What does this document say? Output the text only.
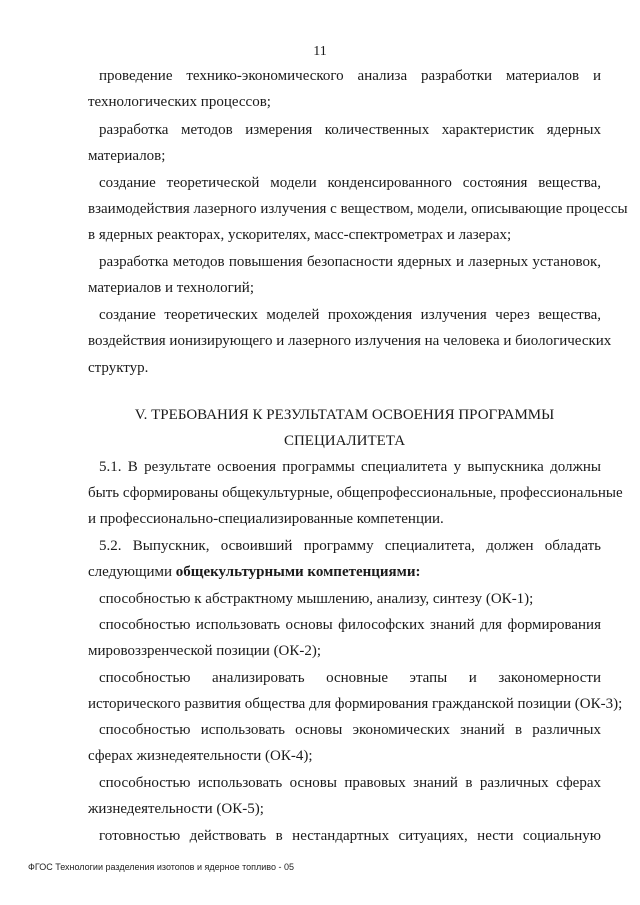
11
проведение технико-экономического анализа разработки материалов и
технологических процессов;
разработка методов измерения количественных характеристик ядерных
материалов;
создание теоретической модели конденсированного состояния вещества,
взаимодействия лазерного излучения с веществом, модели, описывающие процессы
в ядерных реакторах, ускорителях, масс-спектрометрах и лазерах;
разработка методов повышения безопасности ядерных и лазерных установок,
материалов и технологий;
создание теоретических моделей прохождения излучения через вещества,
воздействия ионизирующего и лазерного излучения на человека и биологических
структур.
V. ТРЕБОВАНИЯ К РЕЗУЛЬТАТАМ ОСВОЕНИЯ ПРОГРАММЫ
СПЕЦИАЛИТЕТА
5.1. В результате освоения программы специалитета у выпускника должны
быть сформированы общекультурные, общепрофессиональные, профессиональные
и профессионально-специализированные компетенции.
5.2. Выпускник, освоивший программу специалитета, должен обладать
следующими общекультурными компетенциями:
способностью к абстрактному мышлению, анализу, синтезу (ОК-1);
способностью использовать основы философских знаний для формирования
мировоззренческой позиции (ОК-2);
способностью анализировать основные этапы и закономерности
исторического развития общества для формирования гражданской позиции (ОК-3);
способностью использовать основы экономических знаний в различных
сферах жизнедеятельности (ОК-4);
способностью использовать основы правовых знаний в различных сферах
жизнедеятельности (ОК-5);
готовностью действовать в нестандартных ситуациях, нести социальную
ФГОС Технологии разделения изотопов и ядерное топливо - 05
